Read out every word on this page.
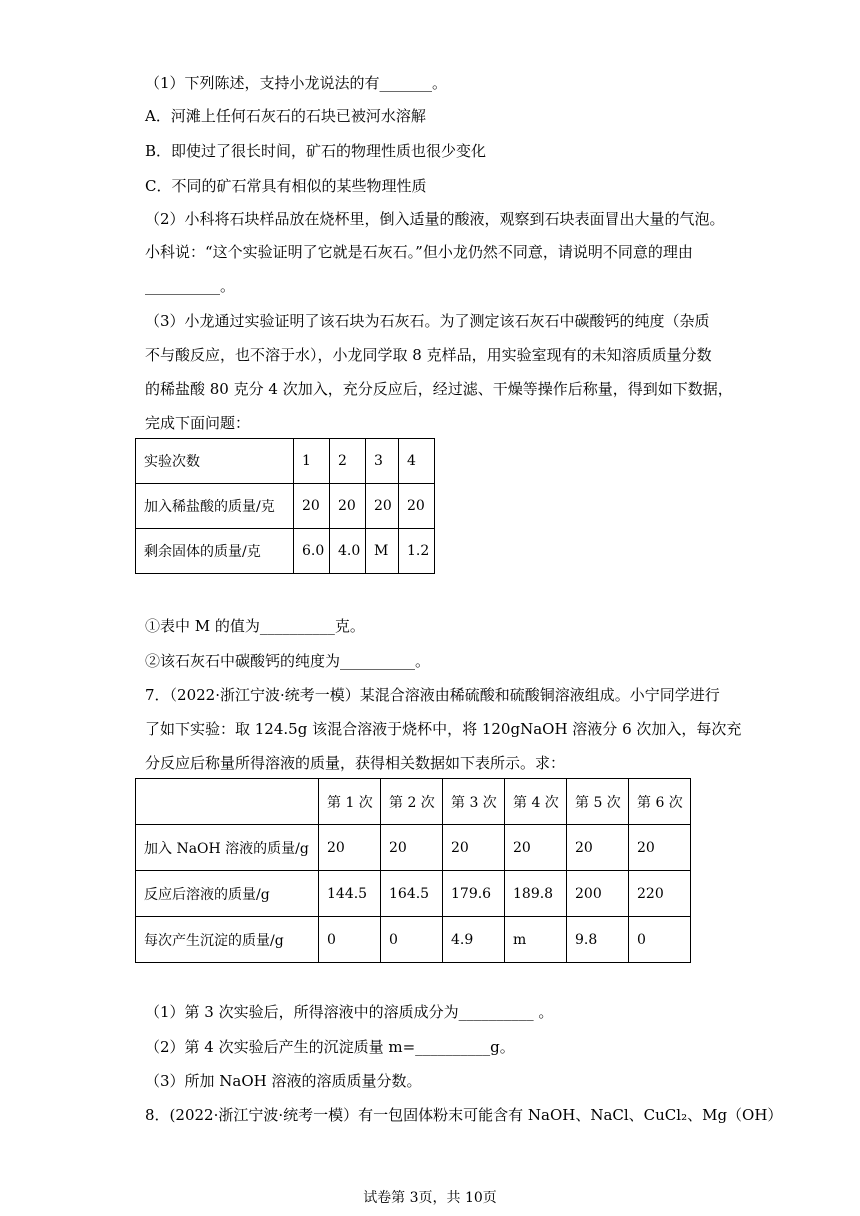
（1）下列陈述，支持小龙说法的有_______。
A．河滩上任何石灰石的石块已被河水溶解
B．即使过了很长时间，矿石的物理性质也很少变化
C．不同的矿石常具有相似的某些物理性质
（2）小科将石块样品放在烧杯里，倒入适量的酸液，观察到石块表面冒出大量的气泡。
小科说：“这个实验证明了它就是石灰石。”但小龙仍然不同意，请说明不同意的理由
__________。
（3）小龙通过实验证明了该石块为石灰石。为了测定该石灰石中碳酸钙的纯度（杂质
不与酸反应，也不溶于水），小龙同学取 8 克样品，用实验室现有的未知溶质质量分数
的稀盐酸 80 克分 4 次加入，充分反应后，经过滤、干燥等操作后称量，得到如下数据，
完成下面问题：
实验次数	1	2	3	4
加入稀盐酸的质量/克	20	20	20	20
剩余固体的质量/克	6.0	4.0	M	1.2
①表中 M 的值为__________克。
②该石灰石中碳酸钙的纯度为__________。
7．（2022·浙江宁波·统考一模）某混合溶液由稀硫酸和硫酸铜溶液组成。小宁同学进行
了如下实验：取 124.5g 该混合溶液于烧杯中，将 120gNaOH 溶液分 6 次加入，每次充
分反应后称量所得溶液的质量，获得相关数据如下表所示。求：
	第 1 次	第 2 次	第 3 次	第 4 次	第 5 次	第 6 次
加入 NaOH 溶液的质量/g	20	20	20	20	20	20
反应后溶液的质量/g	144.5	164.5	179.6	189.8	200	220
每次产生沉淀的质量/g	0	0	4.9	m	9.8	0
（1）第 3 次实验后，所得溶液中的溶质成分为__________ 。
（2）第 4 次实验后产生的沉淀质量 m=__________g。
（3）所加 NaOH 溶液的溶质质量分数。
8．(2022·浙江宁波·统考一模）有一包固体粉末可能含有 NaOH、NaCl、CuCl₂、Mg（OH）
试卷第 3页，共 10页
